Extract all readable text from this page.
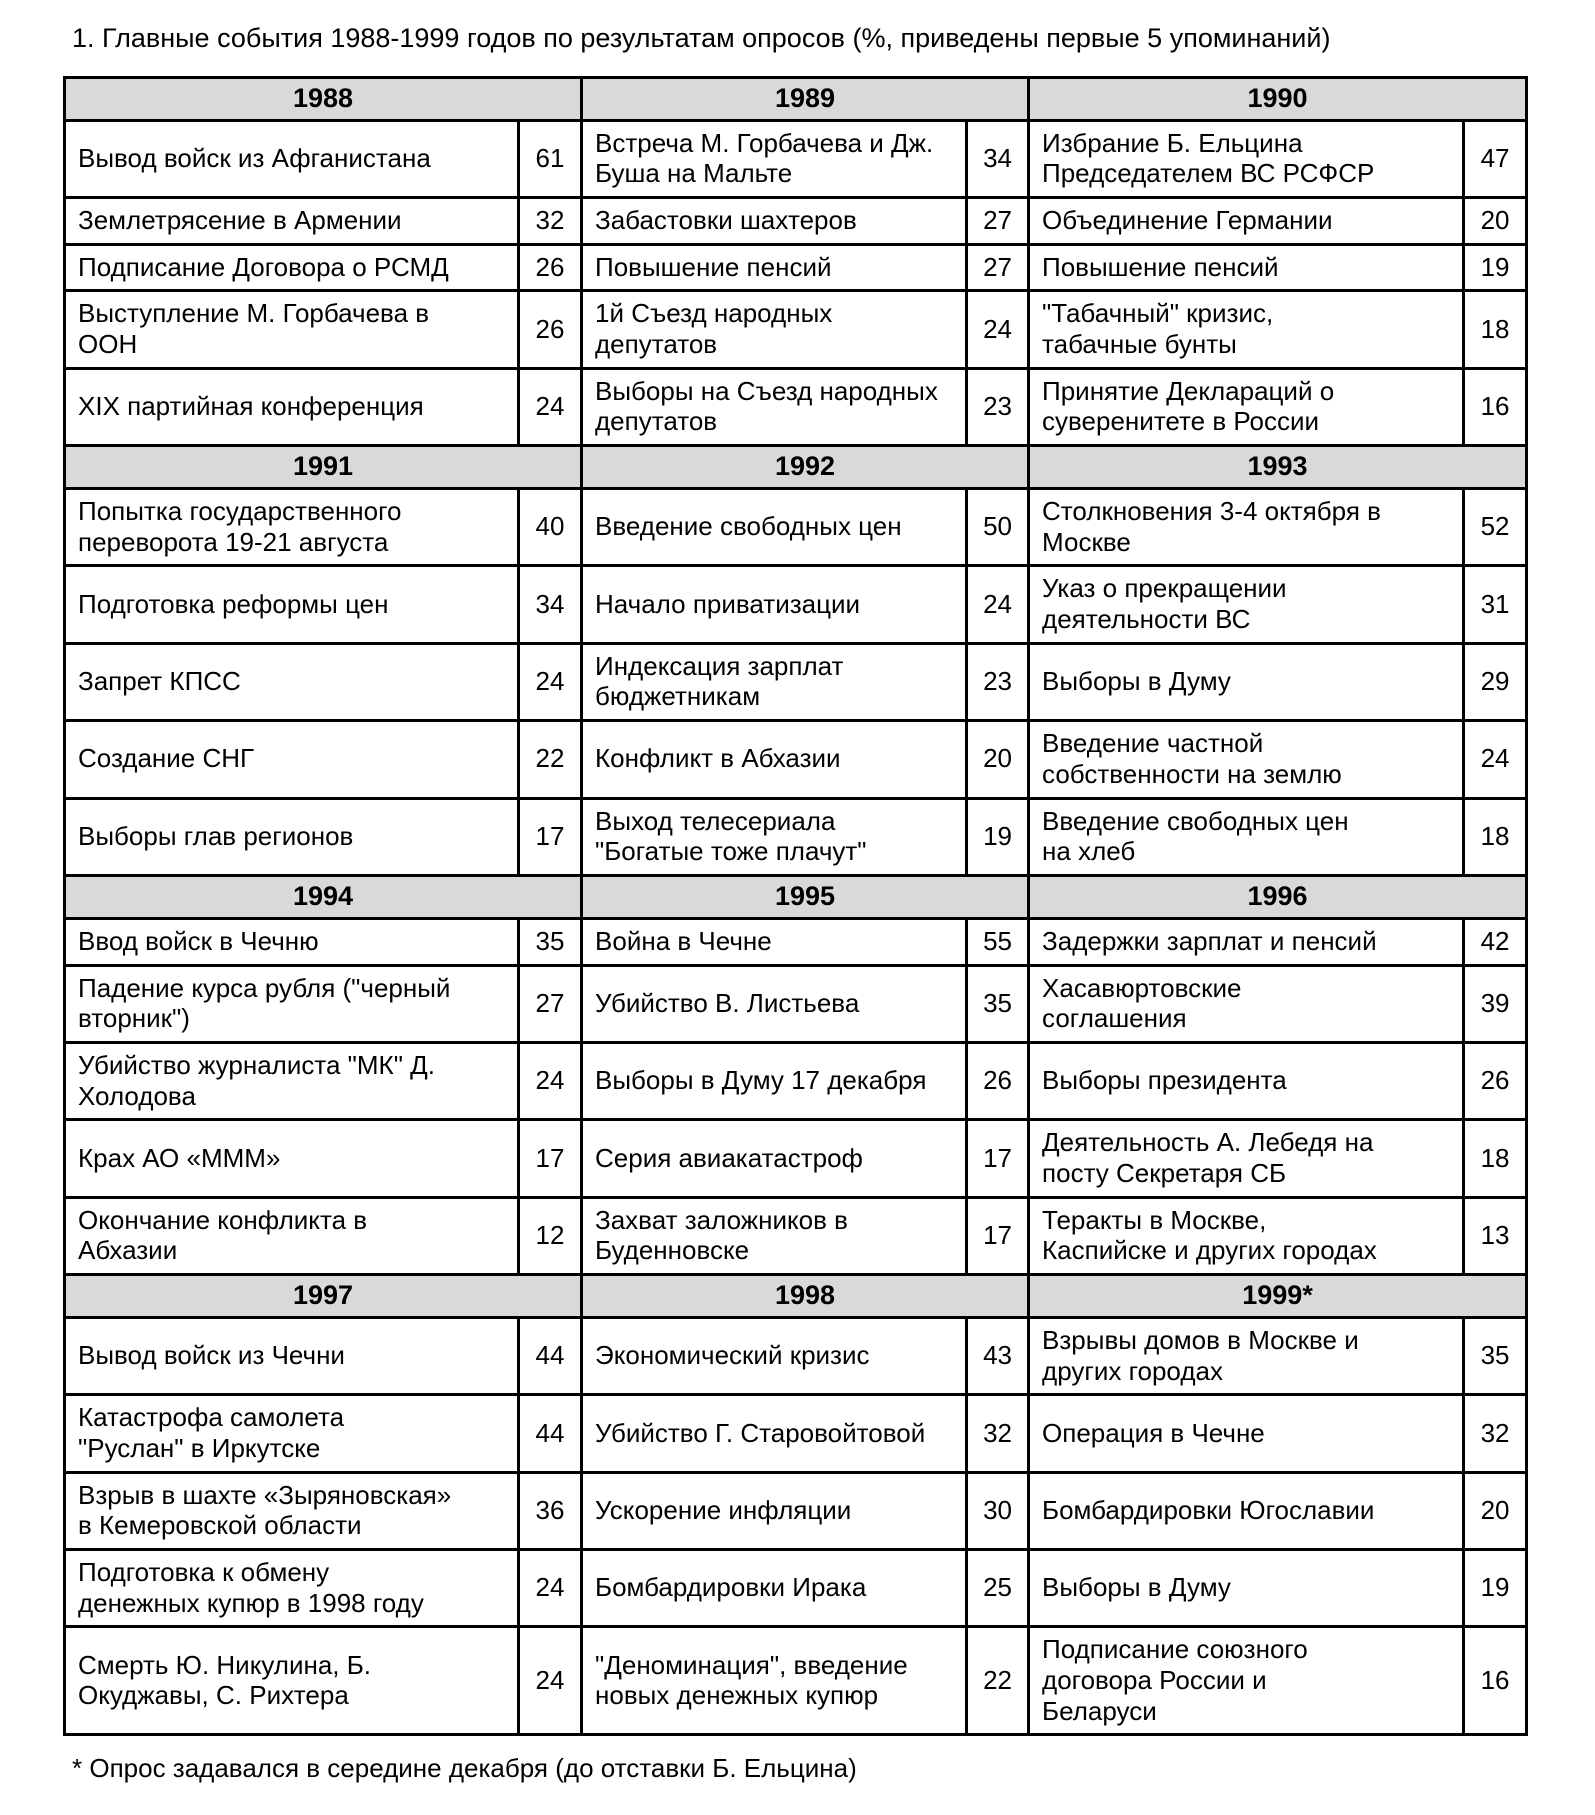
1. Главные события 1988-1999 годов по результатам опросов (%, приведены первые 5 упоминаний)

1988		1989		1990	
Вывод войск из Афганистана	61	Встреча М. Горбачева и Дж. Буша на Мальте	34	Избрание Б. Ельцина Председателем ВС РСФСР	47
Землетрясение в Армении	32	Забастовки шахтеров	27	Объединение Германии	20
Подписание Договора о РСМД	26	Повышение пенсий	27	Повышение пенсий	19
Выступление М. Горбачева в ООН	26	1й Съезд народных депутатов	24	"Табачный" кризис, табачные бунты	18
XIX партийная конференция	24	Выборы на Съезд народных депутатов	23	Принятие Деклараций о суверенитете в России	16
1991		1992		1993	
Попытка государственного переворота 19-21 августа	40	Введение свободных цен	50	Столкновения 3-4 октября в Москве	52
Подготовка реформы цен	34	Начало приватизации	24	Указ о прекращении деятельности ВС	31
Запрет КПСС	24	Индексация зарплат бюджетникам	23	Выборы в Думу	29
Создание СНГ	22	Конфликт в Абхазии	20	Введение частной собственности на землю	24
Выборы глав регионов	17	Выход телесериала "Богатые тоже плачут"	19	Введение свободных цен на хлеб	18
1994		1995		1996	
Ввод войск в Чечню	35	Война в Чечне	55	Задержки зарплат и пенсий	42
Падение курса рубля ("черный вторник")	27	Убийство В. Листьева	35	Хасавюртовские соглашения	39
Убийство журналиста "МК" Д. Холодова	24	Выборы в Думу 17 декабря	26	Выборы президента	26
Крах АО «МММ»	17	Серия авиакатастроф	17	Деятельность А. Лебедя на посту Секретаря СБ	18
Окончание конфликта в Абхазии	12	Захват заложников в Буденновске	17	Теракты в Москве, Каспийске и других городах	13
1997		1998		1999*	
Вывод войск из Чечни	44	Экономический кризис	43	Взрывы домов в Москве и других городах	35
Катастрофа самолета "Руслан" в Иркутске	44	Убийство Г. Старовойтовой	32	Операция в Чечне	32
Взрыв в шахте «Зыряновская» в Кемеровской области	36	Ускорение инфляции	30	Бомбардировки Югославии	20
Подготовка к обмену денежных купюр в 1998 году	24	Бомбардировки Ирака	25	Выборы в Думу	19
Смерть Ю. Никулина, Б. Окуджавы, С. Рихтера	24	"Деноминация", введение новых денежных купюр	22	Подписание союзного договора России и Беларуси	16

* Опрос задавался в середине декабря (до отставки Б. Ельцина)
